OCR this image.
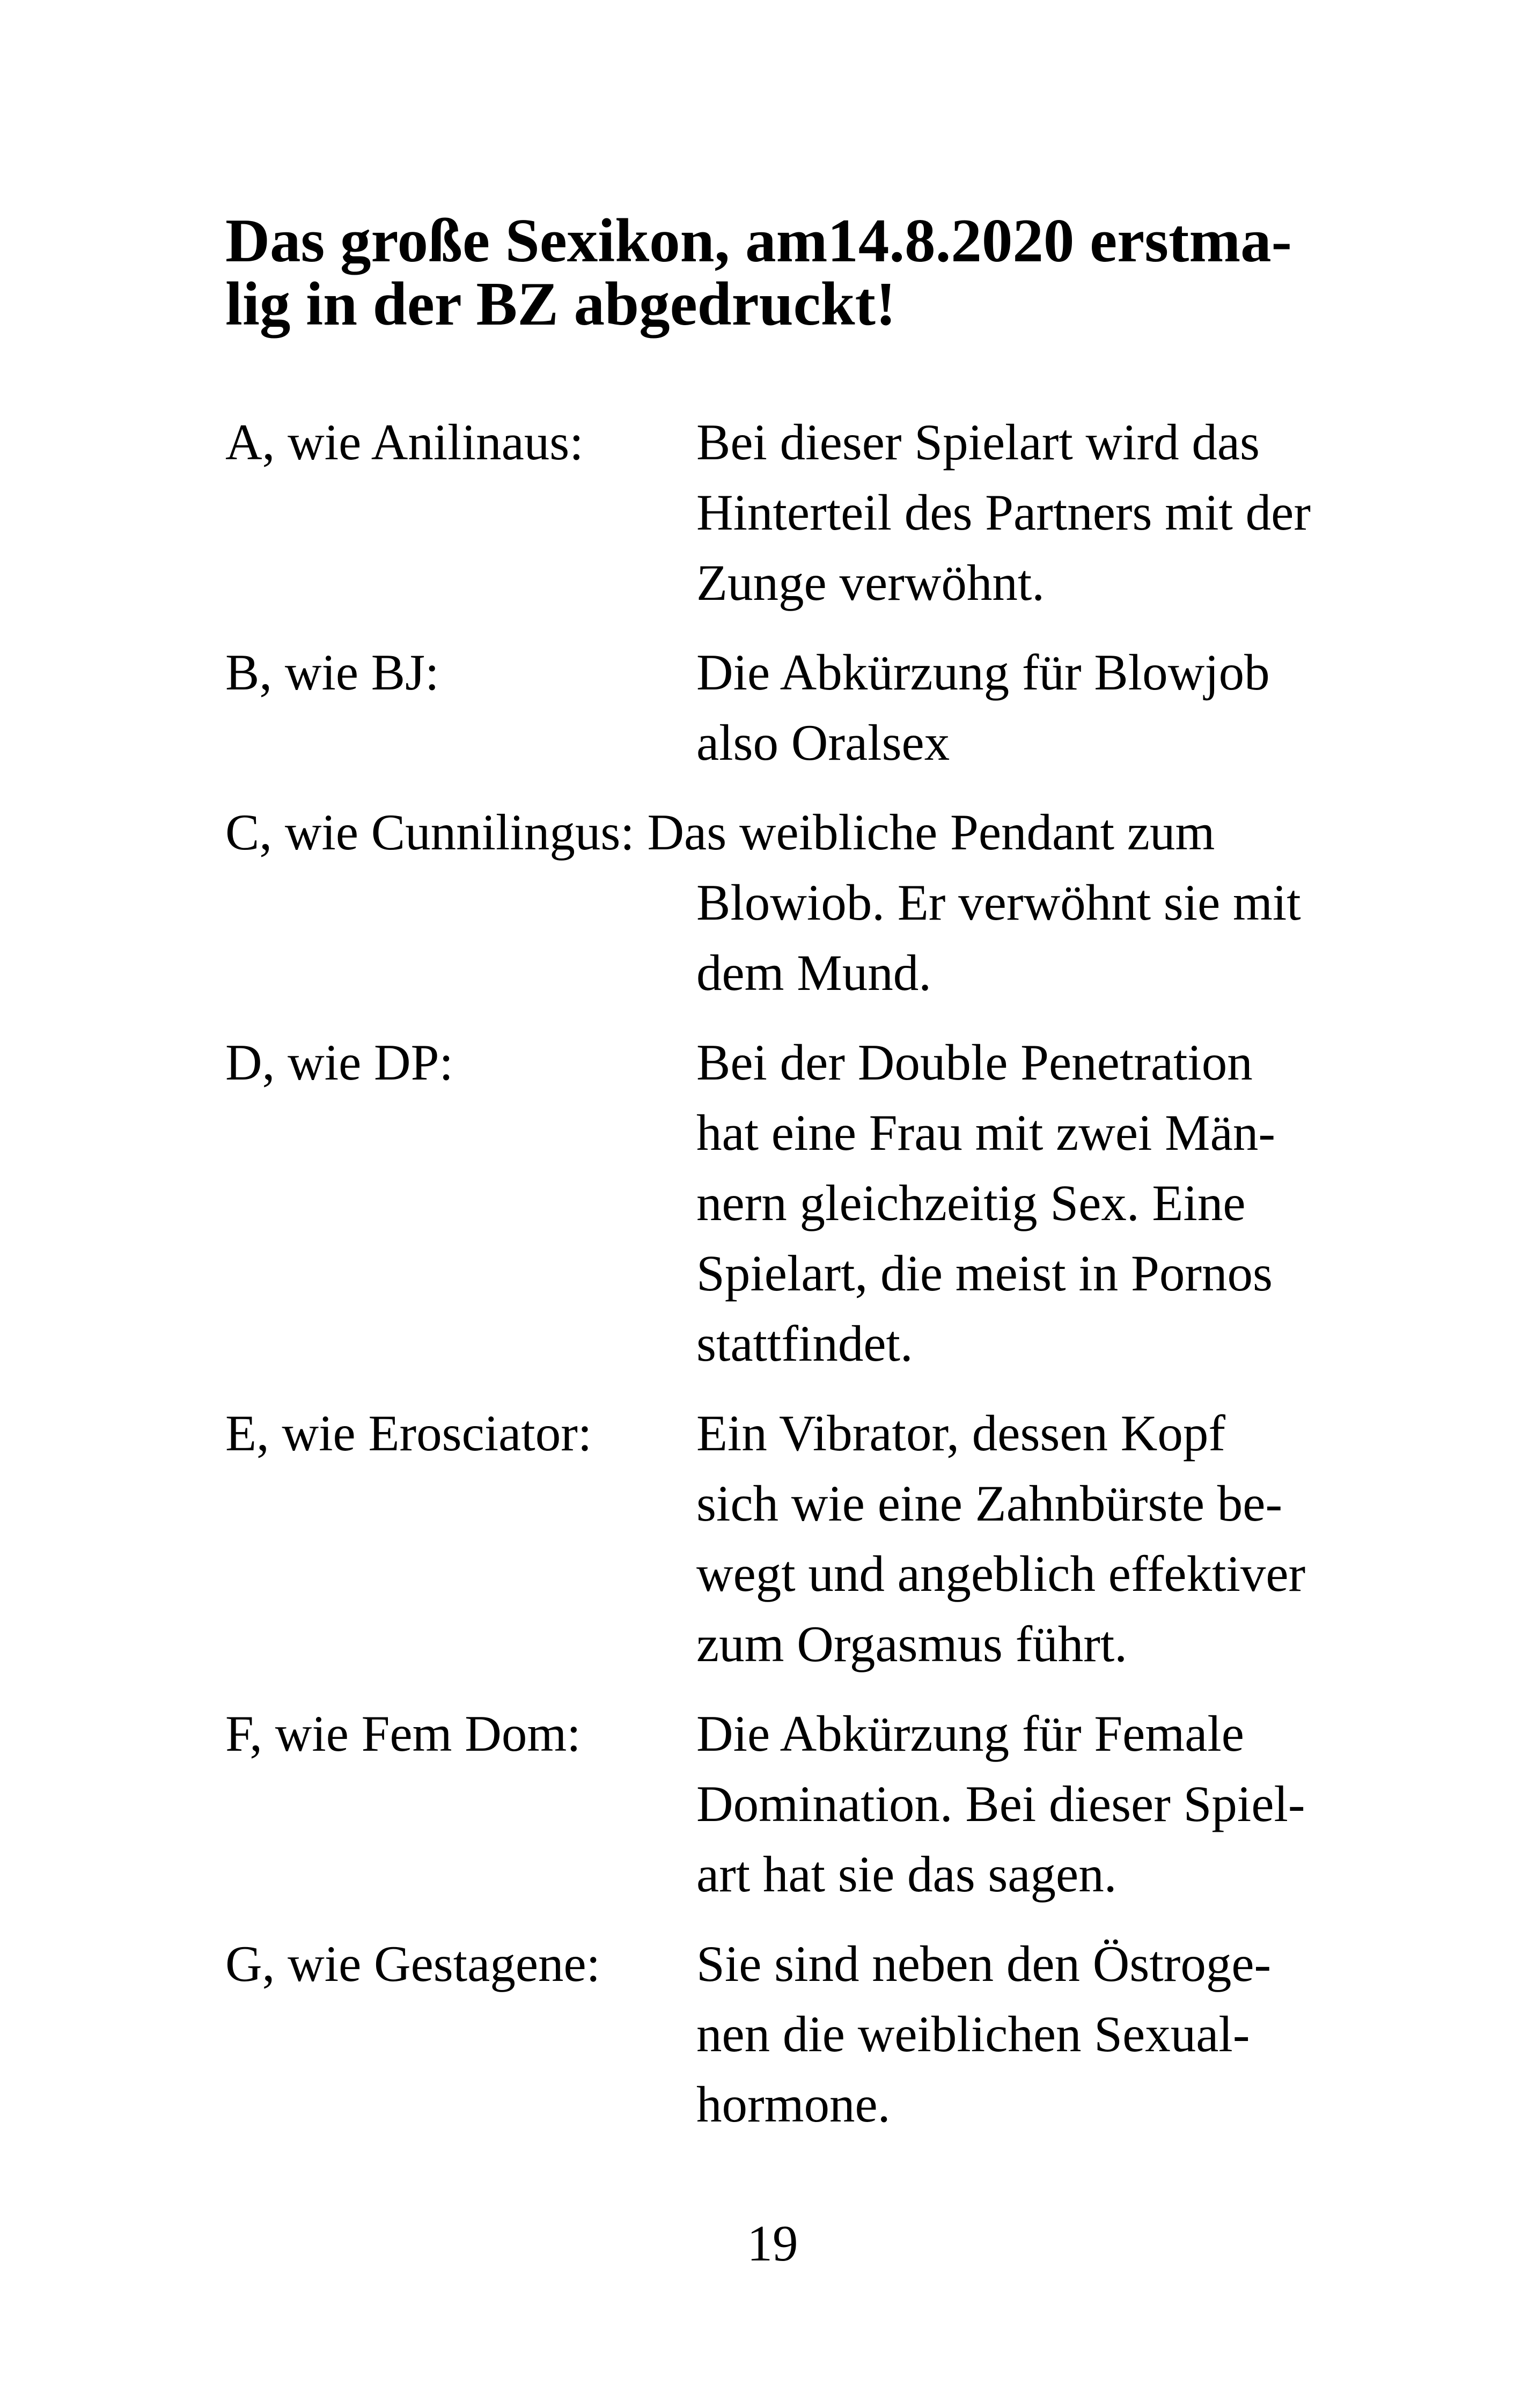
Das große Sexikon, am14.8.2020 erstma-
lig in der BZ abgedruckt!
A, wie Anilinaus: Bei dieser Spielart wird das
Hinterteil des Partners mit der
Zunge verwöhnt.
B, wie BJ:	Die Abkürzung für Blowjob
also Oralsex
C, wie Cunnilingus: Das weibliche Pendant zum
Blowiob. Er verwöhnt sie mit
dem Mund.
D, wie DP:	Bei der Double Penetration
hat eine Frau mit zwei Män-
nern gleichzeitig Sex. Eine
Spielart, die meist in Pornos
stattfindet.
E, wie Erosciator: Ein Vibrator, dessen Kopf
sich wie eine Zahnbürste be-
wegt und angeblich effektiver
zum Orgasmus führt.
F, wie Fem Dom: Die Abkürzung für Female
Domination. Bei dieser Spiel-
art hat sie das sagen.
G, wie Gestagene: Sie sind neben den Östroge-
nen die weiblichen Sexual-
hormone.
19
